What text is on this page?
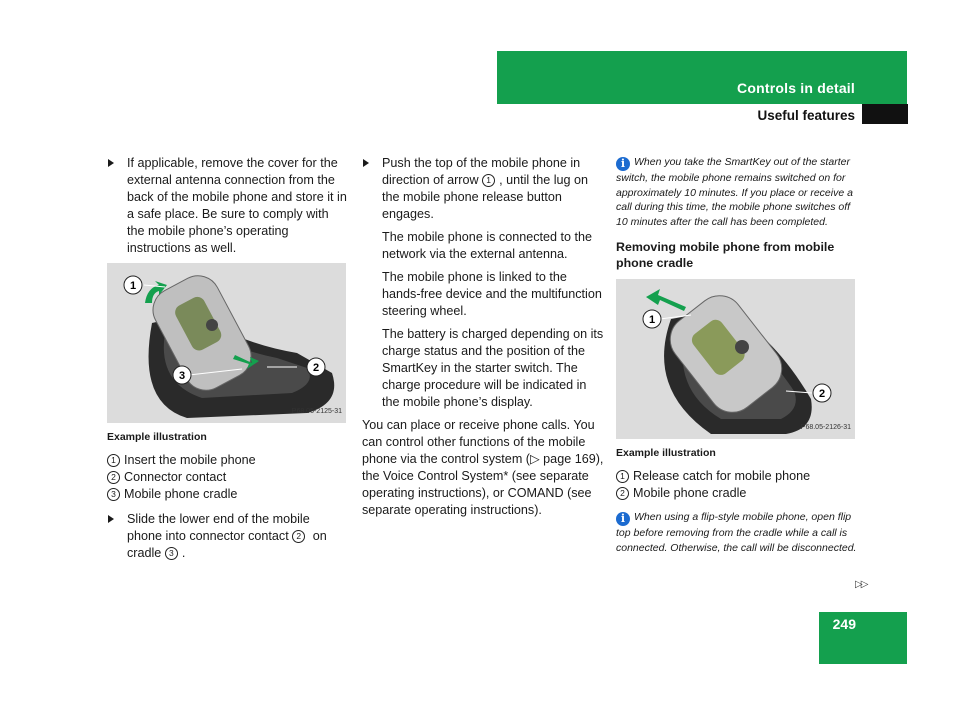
Controls in detail
Useful features
If applicable, remove the cover for the external antenna connection from the back of the mobile phone and store it in a safe place. Be sure to comply with the mobile phone’s operating instructions as well.
1
2
3
P68.05-2125-31
Example illustration
1 Insert the mobile phone
2 Connector contact
3 Mobile phone cradle
Slide the lower end of the mobile phone into connector contact 2 on cradle 3 .
Push the top of the mobile phone in direction of arrow 1 , until the lug on the mobile phone release button engages.
The mobile phone is connected to the network via the external antenna.
The mobile phone is linked to the hands-free device and the multifunction steering wheel.
The battery is charged depending on its charge status and the position of the SmartKey in the starter switch. The charge procedure will be indicated in the mobile phone’s display.
You can place or receive phone calls. You can control other functions of the mobile phone via the control system (▷ page 169), the Voice Control System* (see separate operating instructions), or COMAND (see separate operating instructions).
i When you take the SmartKey out of the starter switch, the mobile phone remains switched on for approximately 10 minutes. If you place or receive a call during this time, the mobile phone switches off 10 minutes after the call has been completed.
Removing mobile phone from mobile phone cradle
1
2
P68.05-2126-31
Example illustration
1 Release catch for mobile phone
2 Mobile phone cradle
i When using a flip-style mobile phone, open flip top before removing from the cradle while a call is connected. Otherwise, the call will be disconnected.
▷▷
249
